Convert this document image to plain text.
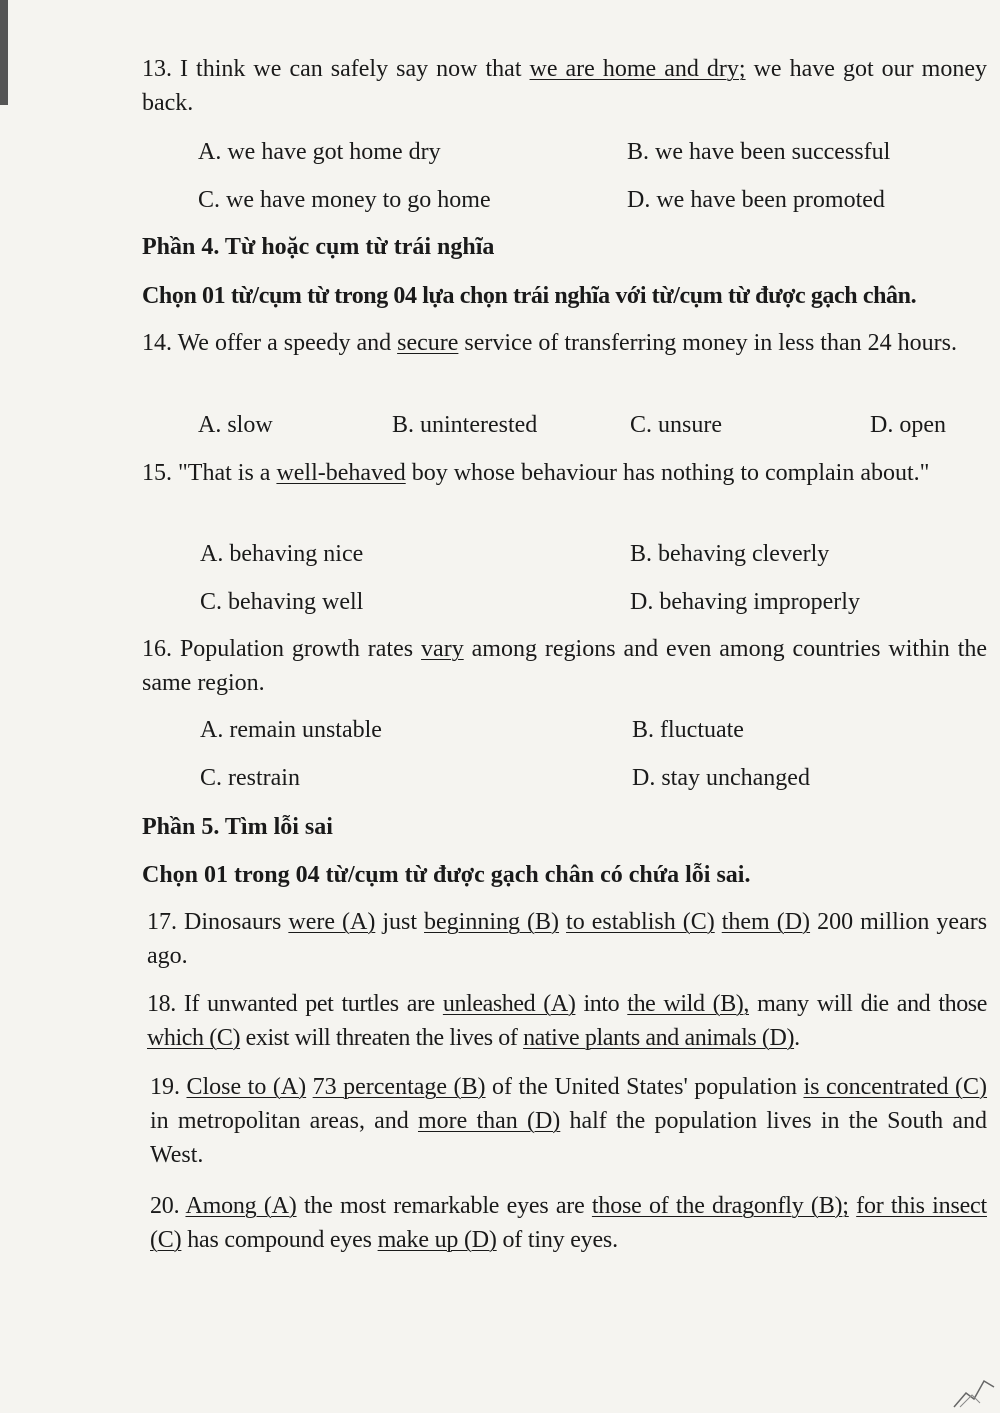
13. I think we can safely say now that we are home and dry; we have got our money back.
A. we have got home dry	B. we have been successful
C. we have money to go home	D. we have been promoted
Phần 4. Từ hoặc cụm từ trái nghĩa
Chọn 01 từ/cụm từ trong 04 lựa chọn trái nghĩa với từ/cụm từ được gạch chân.
14. We offer a speedy and secure service of transferring money in less than 24 hours.
A. slow	B. uninterested	C. unsure	D. open
15. "That is a well-behaved boy whose behaviour has nothing to complain about."
A. behaving nice	B. behaving cleverly
C. behaving well	D. behaving improperly
16. Population growth rates vary among regions and even among countries within the same region.
A. remain unstable	B. fluctuate
C. restrain	D. stay unchanged
Phần 5. Tìm lỗi sai
Chọn 01 trong 04 từ/cụm từ được gạch chân có chứa lỗi sai.
17. Dinosaurs were (A) just beginning (B) to establish (C) them (D) 200 million years ago.
18. If unwanted pet turtles are unleashed (A) into the wild (B), many will die and those which (C) exist will threaten the lives of native plants and animals (D).
19. Close to (A) 73 percentage (B) of the United States' population is concentrated (C) in metropolitan areas, and more than (D) half the population lives in the South and West.
20. Among (A) the most remarkable eyes are those of the dragonfly (B); for this insect (C) has compound eyes make up (D) of tiny eyes.
